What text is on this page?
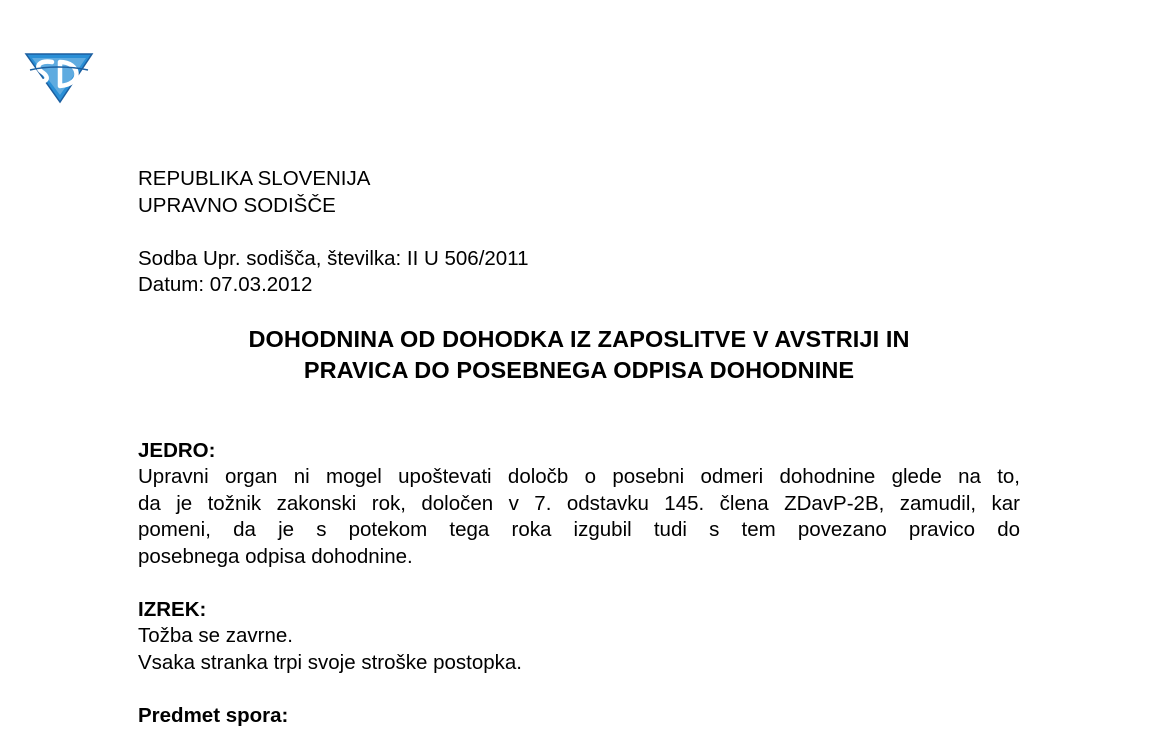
REPUBLIKA SLOVENIJA
UPRAVNO SODIŠČE
Sodba Upr. sodišča, številka: II U 506/2011
Datum: 07.03.2012
DOHODNINA OD DOHODKA IZ ZAPOSLITVE V AVSTRIJI IN
PRAVICA DO POSEBNEGA ODPISA DOHODNINE
JEDRO:
Upravni organ ni mogel upoštevati določb o posebni odmeri dohodnine glede na to,
da je tožnik zakonski rok, določen v 7. odstavku 145. člena ZDavP-2B, zamudil, kar
pomeni, da je s potekom tega roka izgubil tudi s tem povezano pravico do
posebnega odpisa dohodnine.
IZREK:
Tožba se zavrne.
Vsaka stranka trpi svoje stroške postopka.
Predmet spora:
